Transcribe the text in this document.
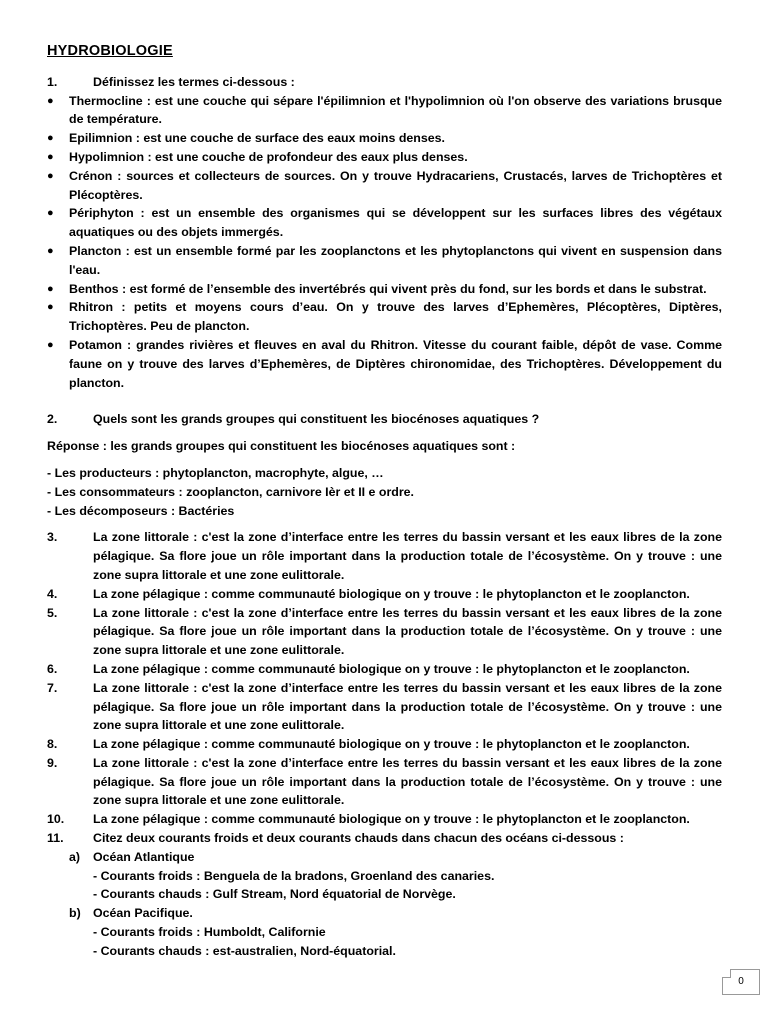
HYDROBIOLOGIE
1.	Définissez les termes ci-dessous :
●	Thermocline : est une couche qui sépare l'épilimnion et l'hypolimnion où l'on observe des variations brusque de température.
●	Epilimnion : est une couche de surface des eaux moins denses.
●	Hypolimnion : est une couche de profondeur des eaux plus denses.
●	Crénon : sources et collecteurs de sources. On y trouve Hydracariens, Crustacés, larves de Trichoptères et Plécoptères.
●	Périphyton : est un ensemble des organismes qui se développent sur les surfaces libres des végétaux aquatiques ou des objets immergés.
●	Plancton : est un ensemble formé par les zooplanctons et les phytoplanctons qui vivent en suspension dans l'eau.
●	Benthos : est formé de l’ensemble des invertébrés qui vivent près du fond, sur les bords et dans le substrat.
●	Rhitron : petits et moyens cours d’eau. On y trouve des larves d’Ephemères, Plécoptères, Diptères, Trichoptères. Peu de plancton.
●	Potamon : grandes rivières et fleuves en aval du Rhitron. Vitesse du courant faible, dépôt de vase. Comme faune on y trouve des larves d’Ephemères, de Diptères chironomidae, des Trichoptères. Développement du plancton.
2.	Quels sont les grands groupes qui constituent les biocénoses aquatiques ?

Réponse : les grands groupes qui constituent les biocénoses aquatiques sont :

- Les producteurs : phytoplancton, macrophyte, algue, …

- Les consommateurs : zooplancton, carnivore Ièr et II e ordre.

- Les décomposeurs : Bactéries

3.	La zone littorale : c'est la zone d’interface entre les terres du bassin versant et les eaux libres de la zone pélagique. Sa flore joue un rôle important dans la production totale de l’écosystème. On y trouve : une zone supra littorale et une zone eulittorale.
4.	La zone pélagique : comme communauté biologique on y trouve : le phytoplancton et le zooplancton.
5.	La zone littorale : c'est la zone d’interface entre les terres du bassin versant et les eaux libres de la zone pélagique. Sa flore joue un rôle important dans la production totale de l’écosystème. On y trouve : une zone supra littorale et une zone eulittorale.
6.	La zone pélagique : comme communauté biologique on y trouve : le phytoplancton et le zooplancton.
7.	La zone littorale : c'est la zone d’interface entre les terres du bassin versant et les eaux libres de la zone pélagique. Sa flore joue un rôle important dans la production totale de l’écosystème. On y trouve : une zone supra littorale et une zone eulittorale.
8.	La zone pélagique : comme communauté biologique on y trouve : le phytoplancton et le zooplancton.
9.	La zone littorale : c'est la zone d’interface entre les terres du bassin versant et les eaux libres de la zone pélagique. Sa flore joue un rôle important dans la production totale de l’écosystème. On y trouve : une zone supra littorale et une zone eulittorale.
10.	La zone pélagique : comme communauté biologique on y trouve : le phytoplancton et le zooplancton.
11.	Citez deux courants froids et deux courants chauds dans chacun des océans ci-dessous :
a)	Océan Atlantique
- Courants froids : Benguela de la bradons, Groenland des canaries.
- Courants chauds : Gulf Stream, Nord équatorial de Norvège.
b) Océan Pacifique.
- Courants froids : Humboldt, Californie
- Courants chauds : est-australien, Nord-équatorial.
0
